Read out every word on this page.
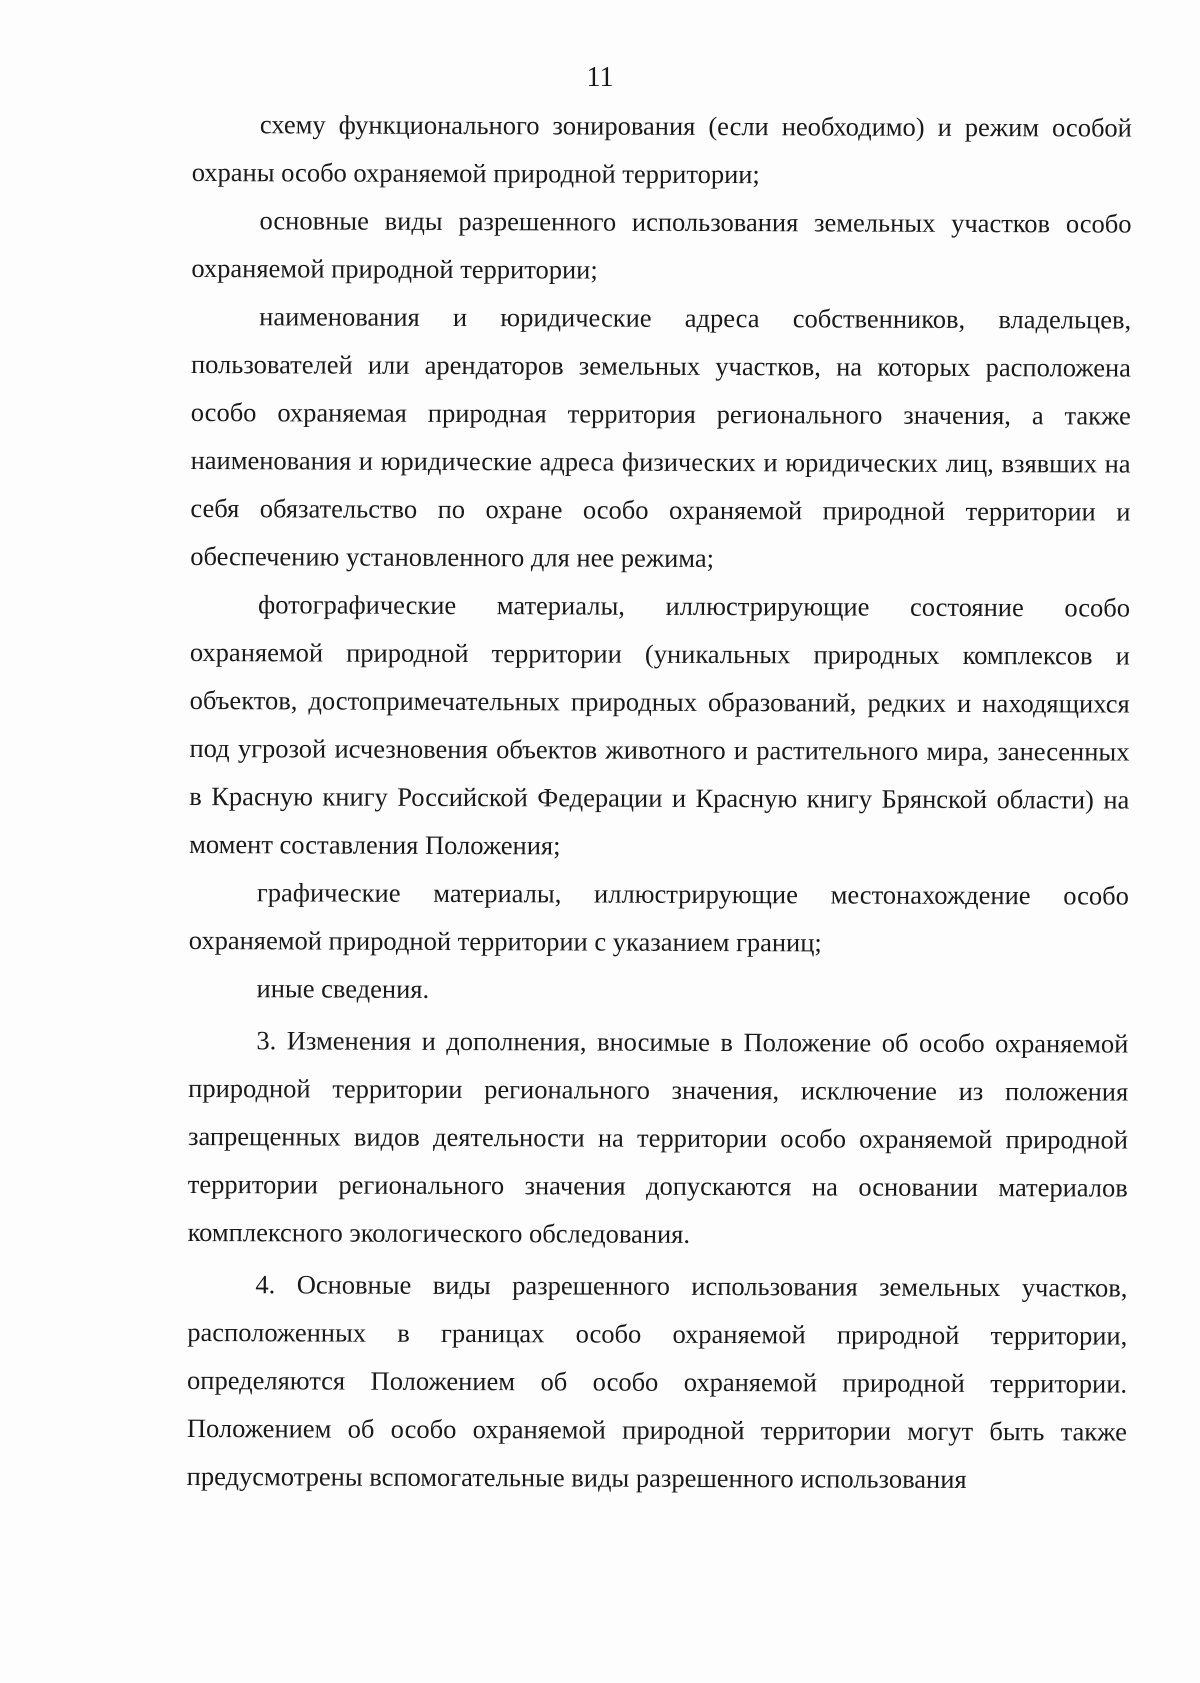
11

схему функционального зонирования (если необходимо) и режим особой охраны особо охраняемой природной территории;

основные виды разрешенного использования земельных участков особо охраняемой природной территории;

наименования и юридические адреса собственников, владельцев, пользователей или арендаторов земельных участков, на которых расположена особо охраняемая природная территория регионального значения, а также наименования и юридические адреса физических и юридических лиц, взявших на себя обязательство по охране особо охраняемой природной территории и обеспечению установленного для нее режима;

фотографические материалы, иллюстрирующие состояние особо охраняемой природной территории (уникальных природных комплексов и объектов, достопримечательных природных образований, редких и находящихся под угрозой исчезновения объектов животного и растительного мира, занесенных в Красную книгу Российской Федерации и Красную книгу Брянской области) на момент составления Положения;

графические материалы, иллюстрирующие местонахождение особо охраняемой природной территории с указанием границ;

иные сведения.

3. Изменения и дополнения, вносимые в Положение об особо охраняемой природной территории регионального значения, исключение из положения запрещенных видов деятельности на территории особо охраняемой природной территории регионального значения допускаются на основании материалов комплексного экологического обследования.

4. Основные виды разрешенного использования земельных участков, расположенных в границах особо охраняемой природной территории, определяются Положением об особо охраняемой природной территории. Положением об особо охраняемой природной территории могут быть также предусмотрены вспомогательные виды разрешенного использования
